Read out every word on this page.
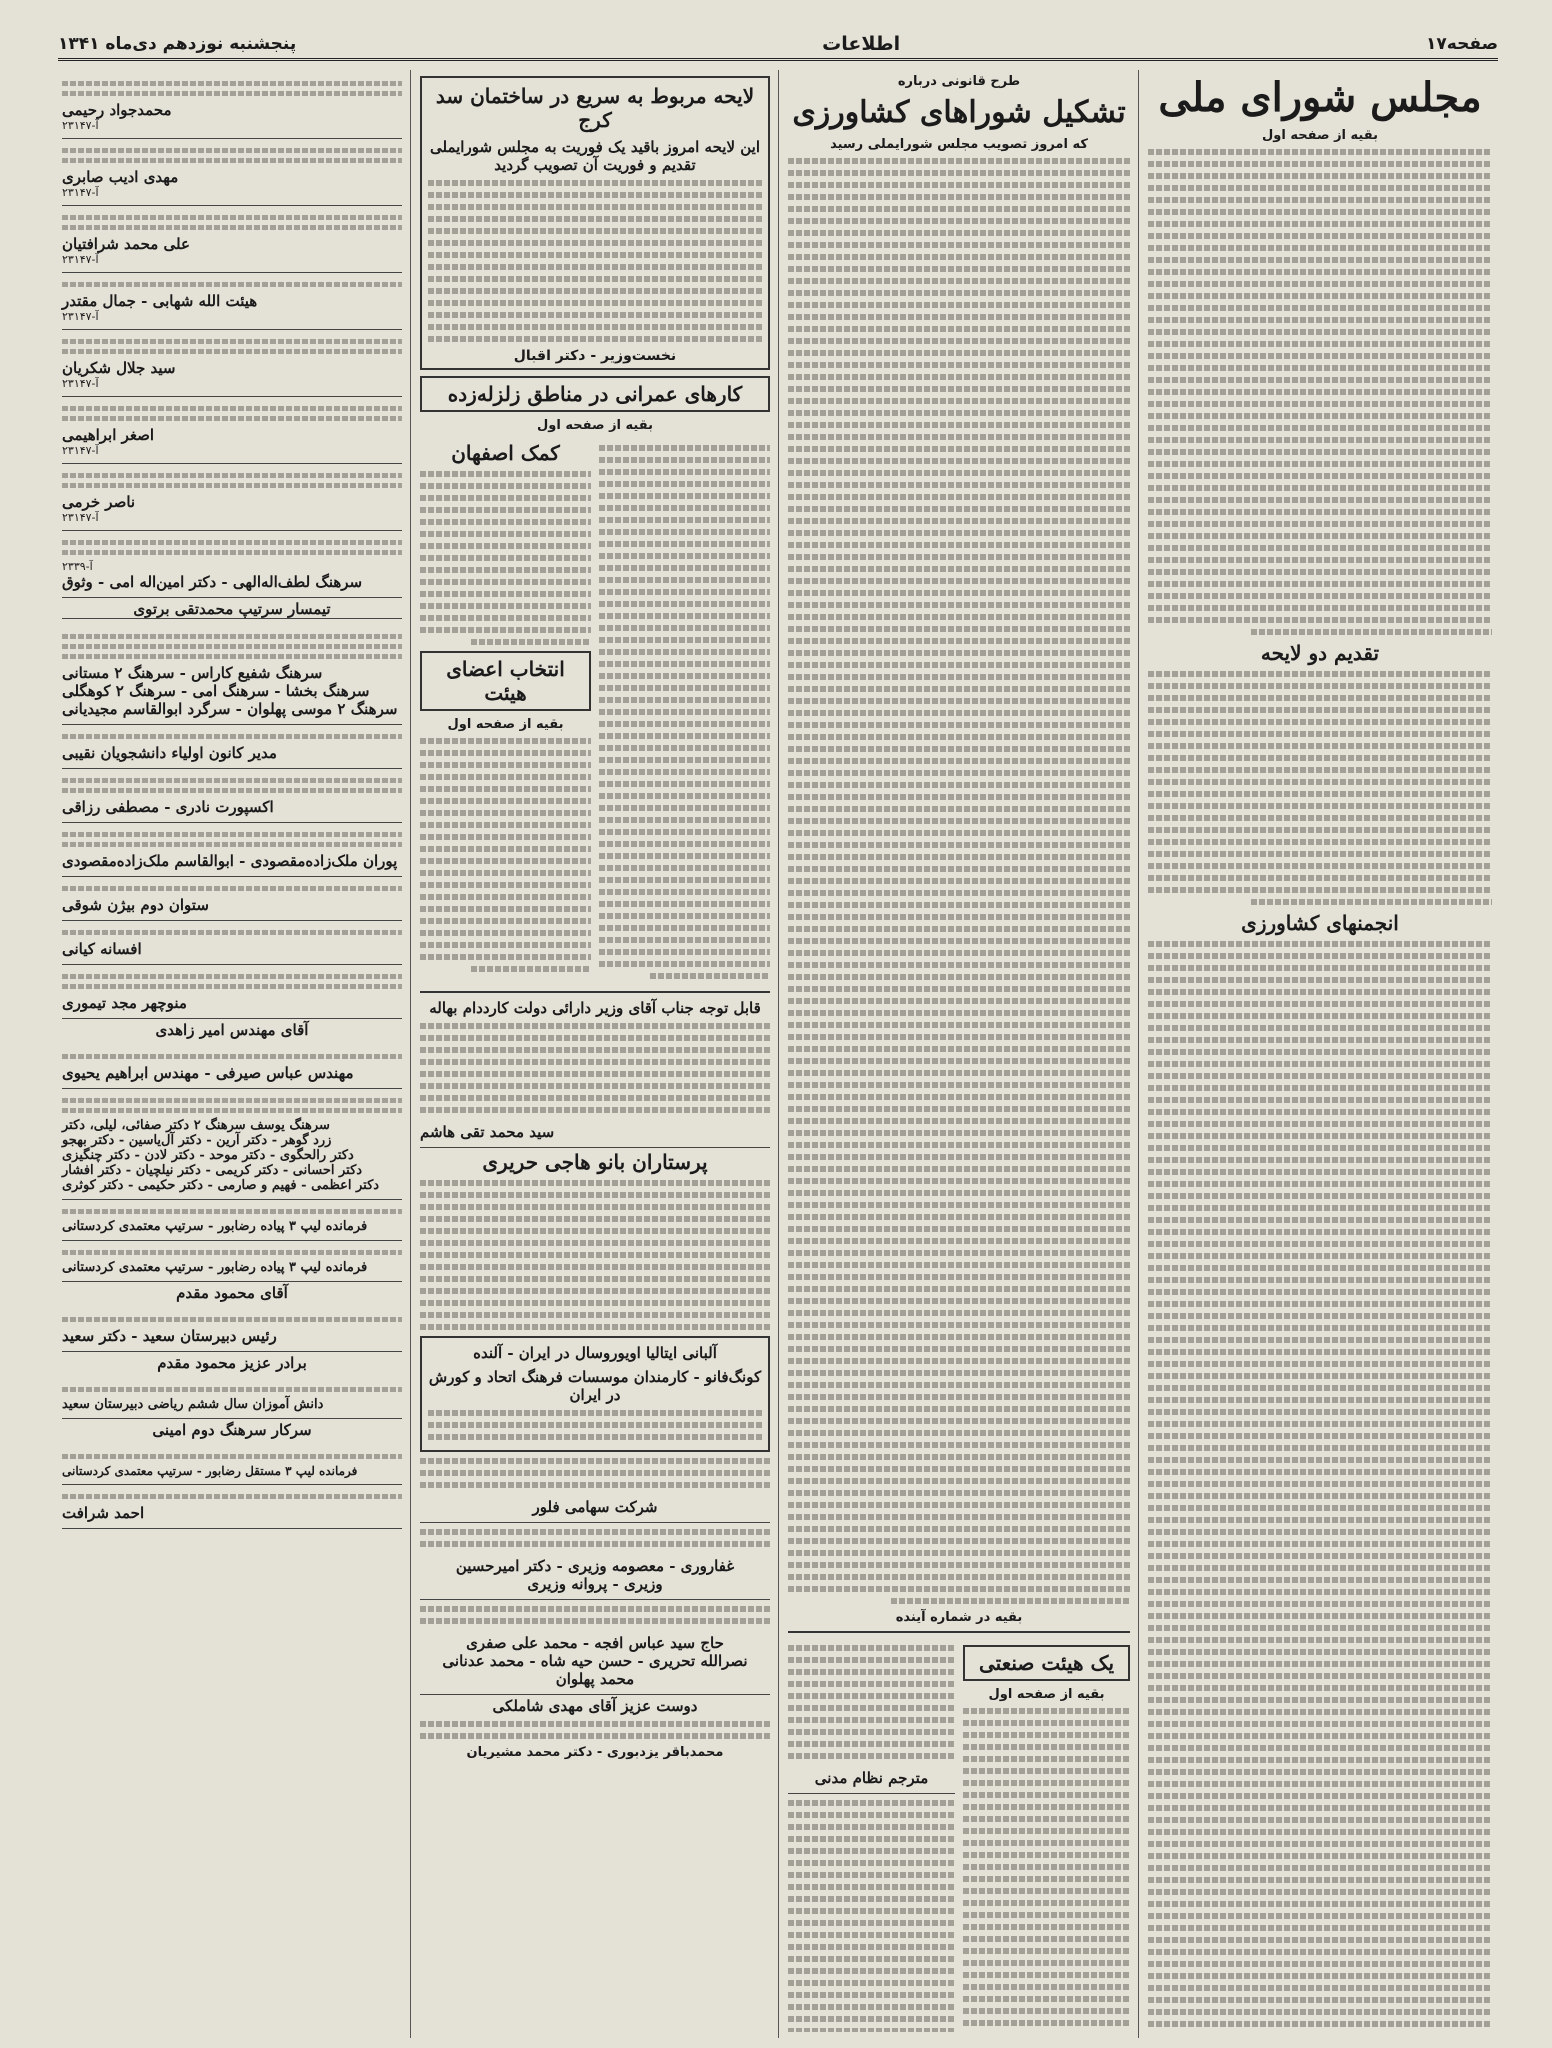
صفحه۱۷
اطلاعات
پنجشنبه نوزدهم دی‌ماه ۱۳۴۱
مجلس شورای ملی
بقیه از صفحه اول
تقدیم دو لایحه
انجمنهای کشاورزی
طرح قانونی درباره
تشکیل شوراهای کشاورزی
که امروز تصویب مجلس شورایملی رسید
بقیه در شماره آینده
یک هیئت صنعتی
بقیه از صفحه اول
مترجم نظام مدنی
لایحه مربوط به سریع در ساختمان سد کرج
این لایحه امروز باقید یک فوریت به مجلس شورایملی تقدیم و فوریت آن تصویب گردید
نخست‌وزیر - دکتر اقبال
کارهای عمرانی در مناطق زلزله‌زده
بقیه از صفحه اول
کمک اصفهان
انتخاب اعضای هیئت
بقیه از صفحه اول
قابل توجه جناب آقای وزیر دارائی دولت کارد‌دام بهاله
سید محمد تقی هاشم
پرستاران بانو هاجی حریری
آلبانی ایتالیا اویوروسال در ایران - آلنده
کونگ‌فانو - کارمندان موسسات فرهنگ اتحاد و کورش در ایران
شرکت سهامی فلور
غفاروری - معصومه وزیری - دکتر امیرحسین
وزیری - پروانه وزیری
حاج سید عباس افجه - محمد علی صفری
نصرالله تحریری - حسن حیه شاه - محمد عدنانی
محمد پهلوان
دوست عزیز آقای مهدی شاملکی
محمدباقر یزدبوری - دکتر محمد مشیریان
محمدجواد رحیمی
آ-۲۳۱۴۷
مهدی ادیب صابری
آ-۲۳۱۴۷
علی محمد شرافتیان
آ-۲۳۱۴۷
هیئت الله شهابی - جمال مقتدر
آ-۲۳۱۴۷
سید جلال شکریان
آ-۲۳۱۴۷
اصغر ابراهیمی
آ-۲۳۱۴۷
ناصر خرمی
آ-۲۳۱۴۷
آ-۲۳۳۹
سرهنگ لطف‌اله‌الهی - دکتر امین‌اله امی - وثوق
تیمسار سرتیپ محمدتقی برتوی
سرهنگ شفیع کاراس - سرهنگ ۲ مستانی
سرهنگ بخشا - سرهنگ امی - سرهنگ ۲ کوهگلی
سرهنگ ۲ موسی پهلوان - سرگرد ابوالقاسم مجیدیانی
مدیر کانون اولیاء دانشجویان نقیبی
اکسپورت نادری - مصطفی رزاقی
پوران ملک‌زاده‌مقصودی - ابوالقاسم ملک‌زاده‌مقصودی
ستوان دوم بیژن شوقی
افسانه کیانی
منوچهر مجد تیموری
آقای مهندس امیر زاهدی
مهندس عباس صیرفی - مهندس ابراهیم یحیوی
سرهنگ یوسف سرهنگ ۲ دکتر صفائی، لیلی، دکتر
زرد گوهر - دکتر آرین - دکتر آل‌یاسین - دکتر بهجو
دکتر رالحگوی - دکتر موحد - دکتر لادن - دکتر چنگیزی
دکتر احسانی - دکتر کریمی - دکتر نیلچیان - دکتر افشار
دکتر اعظمی - فهیم و صارمی - دکتر حکیمی - دکتر کوثری
فرمانده لیپ ۳ پیاده رضابور - سرتیپ معتمدی کردستانی
فرمانده لیپ ۳ پیاده رضابور - سرتیپ معتمدی کردستانی
آقای محمود مقدم
رئیس دبیرستان سعید - دکتر سعید
برادر عزیز محمود مقدم
دانش آموزان سال ششم ریاضی دبیرستان سعید
سرکار سرهنگ دوم امینی
فرمانده لیپ ۳ مستقل رضابور - سرتیپ معتمدی کردستانی
احمد شرافت
